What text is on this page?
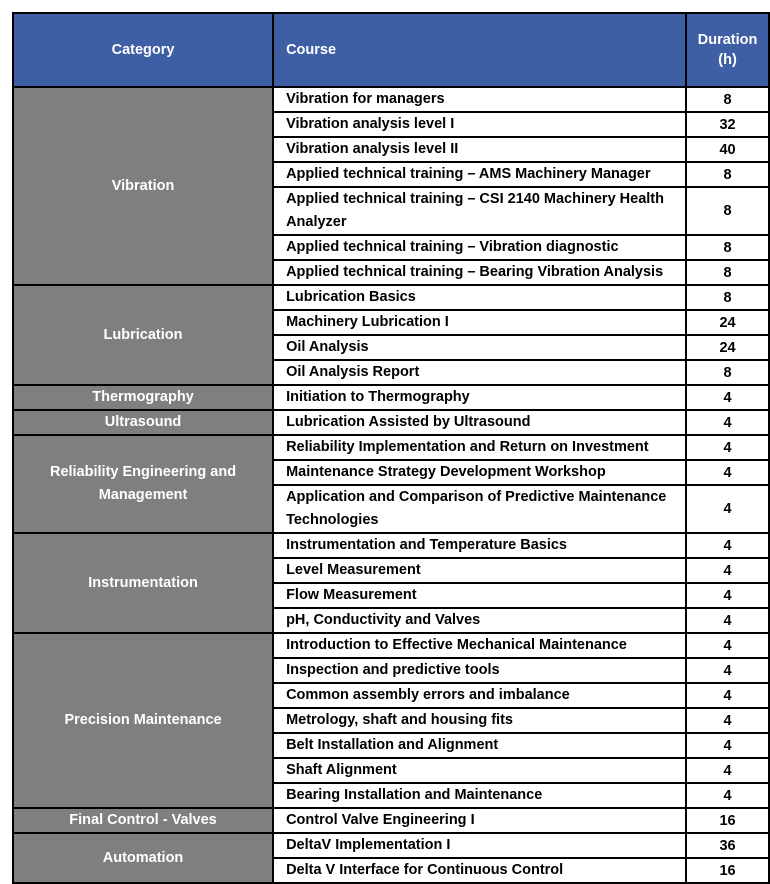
Category	Course	Duration (h)
Vibration	Vibration for managers	8
	Vibration analysis level I	32
	Vibration analysis level II	40
	Applied technical training – AMS Machinery Manager	8
	Applied technical training – CSI 2140 Machinery Health Analyzer	8
	Applied technical training – Vibration diagnostic	8
	Applied technical training – Bearing Vibration Analysis	8
Lubrication	Lubrication Basics	8
	Machinery Lubrication I	24
	Oil Analysis	24
	Oil Analysis Report	8
Thermography	Initiation to Thermography	4
Ultrasound	Lubrication Assisted by Ultrasound	4
Reliability Engineering and Management	Reliability Implementation and Return on Investment	4
	Maintenance Strategy Development Workshop	4
	Application and Comparison of Predictive Maintenance Technologies	4
Instrumentation	Instrumentation and Temperature Basics	4
	Level Measurement	4
	Flow Measurement	4
	pH, Conductivity and Valves	4
Precision Maintenance	Introduction to Effective Mechanical Maintenance	4
	Inspection and predictive tools	4
	Common assembly errors and imbalance	4
	Metrology, shaft and housing fits	4
	Belt Installation and Alignment	4
	Shaft Alignment	4
	Bearing Installation and Maintenance	4
Final Control - Valves	Control Valve Engineering I	16
Automation	DeltaV Implementation I	36
	Delta V Interface for Continuous Control	16
